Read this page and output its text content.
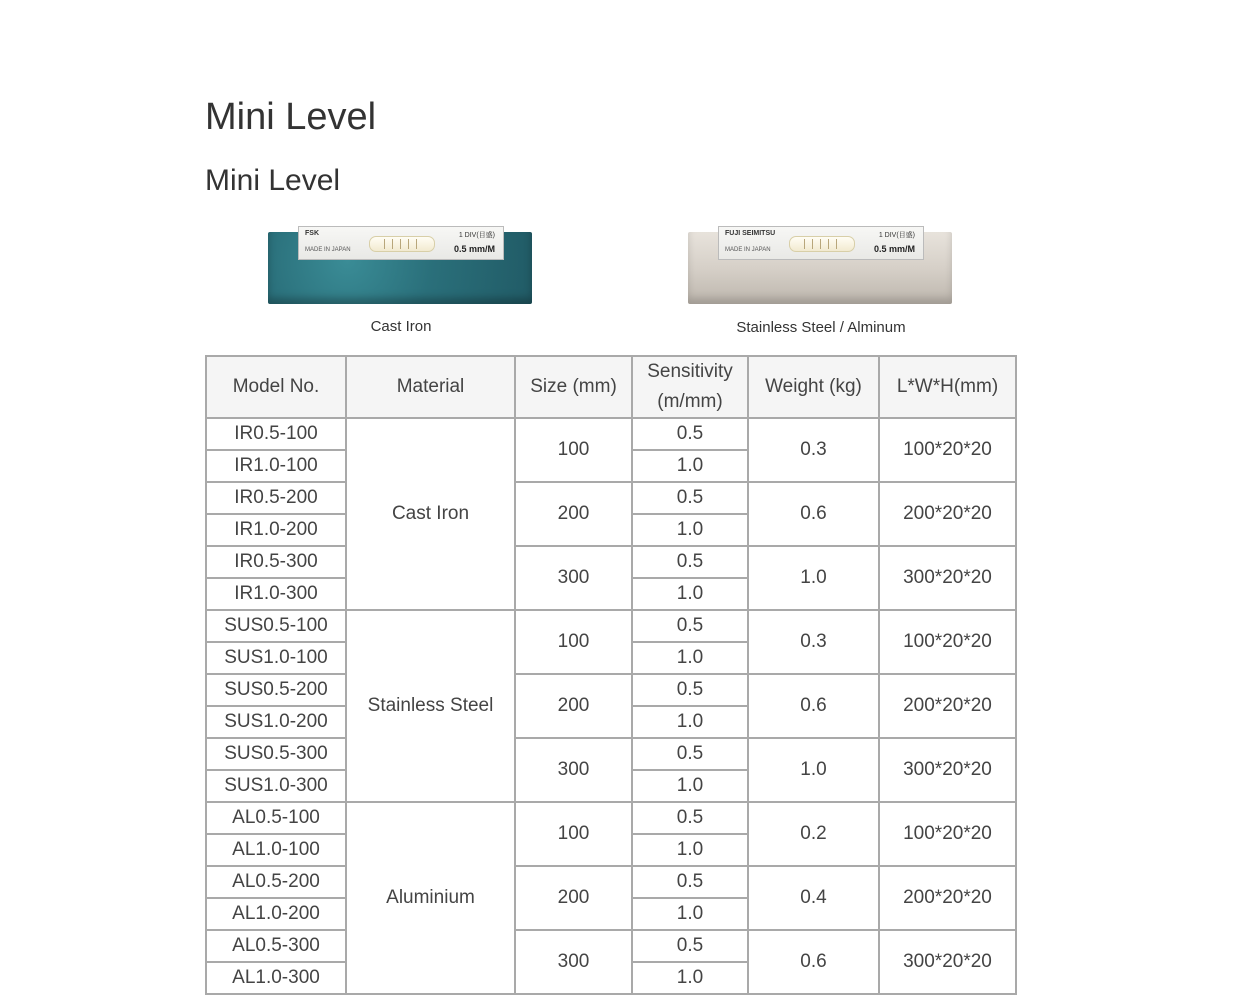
Mini Level
Mini Level
FSK
MADE IN JAPAN
1 DIV(目盛)
0.5 mm/M
Cast Iron
FUJI SEIMITSU
MADE IN JAPAN
1 DIV(目盛)
0.5 mm/M
Stainless Steel / Alminum
Model No.	Material	Size (mm)	Sensitivity (m/mm)	Weight (kg)	L*W*H(mm)
IR0.5-100	Cast Iron	100	0.5	0.3	100*20*20
IR1.0-100			1.0		
IR0.5-200		200	0.5	0.6	200*20*20
IR1.0-200			1.0		
IR0.5-300		300	0.5	1.0	300*20*20
IR1.0-300			1.0		
SUS0.5-100	Stainless Steel	100	0.5	0.3	100*20*20
SUS1.0-100			1.0		
SUS0.5-200		200	0.5	0.6	200*20*20
SUS1.0-200			1.0		
SUS0.5-300		300	0.5	1.0	300*20*20
SUS1.0-300			1.0		
AL0.5-100	Aluminium	100	0.5	0.2	100*20*20
AL1.0-100			1.0		
AL0.5-200		200	0.5	0.4	200*20*20
AL1.0-200			1.0		
AL0.5-300		300	0.5	0.6	300*20*20
AL1.0-300			1.0		
